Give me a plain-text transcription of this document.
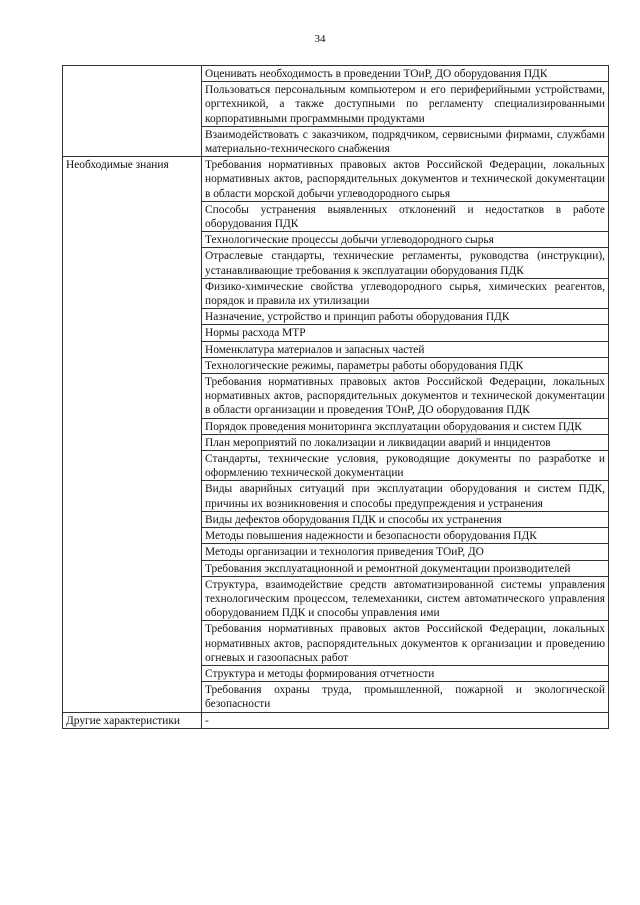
34
	Оценивать необходимость в проведении ТОиР, ДО оборудования ПДК
	Пользоваться персональным компьютером и его периферийными устройствами, оргтехникой, а также доступными по регламенту специализированными корпоративными программными продуктами
	Взаимодействовать с заказчиком, подрядчиком, сервисными фирмами, службами материально-технического снабжения
Необходимые знания	Требования нормативных правовых актов Российской Федерации, локальных нормативных актов, распорядительных документов и технической документации в области морской добычи углеводородного сырья
	Способы устранения выявленных отклонений и недостатков в работе оборудования ПДК
	Технологические процессы добычи углеводородного сырья
	Отраслевые стандарты, технические регламенты, руководства (инструкции), устанавливающие требования к эксплуатации оборудования ПДК
	Физико-химические свойства углеводородного сырья, химических реагентов, порядок и правила их утилизации
	Назначение, устройство и принцип работы оборудования ПДК
	Нормы расхода МТР
	Номенклатура материалов и запасных частей
	Технологические режимы, параметры работы оборудования ПДК
	Требования нормативных правовых актов Российской Федерации, локальных нормативных актов, распорядительных документов и технической документации в области организации и проведения ТОиР, ДО оборудования ПДК
	Порядок проведения мониторинга эксплуатации оборудования и систем ПДК
	План мероприятий по локализации и ликвидации аварий и инцидентов
	Стандарты, технические условия, руководящие документы по разработке и оформлению технической документации
	Виды аварийных ситуаций при эксплуатации оборудования и систем ПДК, причины их возникновения и способы предупреждения и устранения
	Виды дефектов оборудования ПДК и способы их устранения
	Методы повышения надежности и безопасности оборудования ПДК
	Методы организации и технология приведения ТОиР, ДО
	Требования эксплуатационной и ремонтной документации производителей
	Структура, взаимодействие средств автоматизированной системы управления технологическим процессом, телемеханики, систем автоматического управления оборудованием ПДК и способы управления ими
	Требования нормативных правовых актов Российской Федерации, локальных нормативных актов, распорядительных документов к организации и проведению огневых и газоопасных работ
	Структура и методы формирования отчетности
	Требования охраны труда, промышленной, пожарной и экологической безопасности
Другие характеристики	-
